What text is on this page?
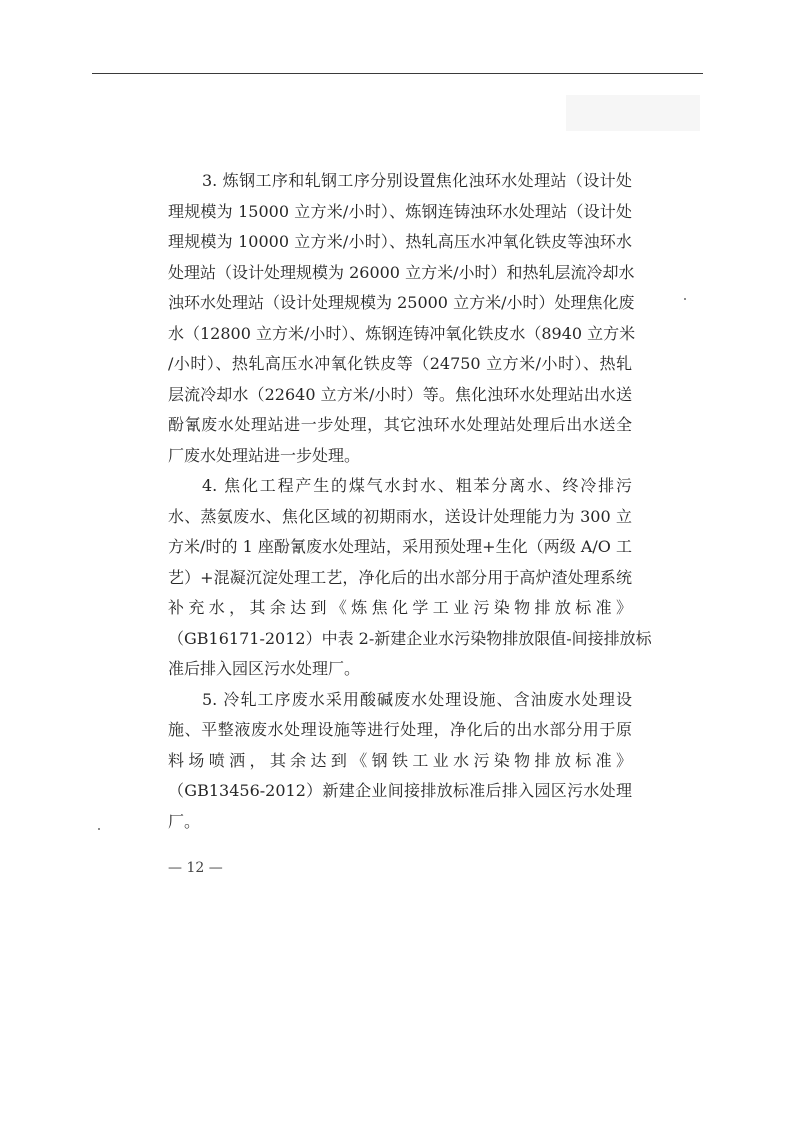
3. 炼钢工序和轧钢工序分别设置焦化浊环水处理站（设计处
理规模为 15000 立方米/小时）、炼钢连铸浊环水处理站（设计处
理规模为 10000 立方米/小时）、热轧高压水冲氧化铁皮等浊环水
处理站（设计处理规模为 26000 立方米/小时）和热轧层流冷却水
浊环水处理站（设计处理规模为 25000 立方米/小时）处理焦化废
水（12800 立方米/小时）、炼钢连铸冲氧化铁皮水（8940 立方米
/小时）、热轧高压水冲氧化铁皮等（24750 立方米/小时）、热轧
层流冷却水（22640 立方米/小时）等。焦化浊环水处理站出水送
酚氰废水处理站进一步处理，其它浊环水处理站处理后出水送全
厂废水处理站进一步处理。

4. 焦化工程产生的煤气水封水、粗苯分离水、终冷排污
水、蒸氨废水、焦化区域的初期雨水，送设计处理能力为 300 立
方米/时的 1 座酚氰废水处理站，采用预处理+生化（两级 A/O 工
艺）+混凝沉淀处理工艺，净化后的出水部分用于高炉渣处理系统
补充水，其余达到《炼焦化学工业污染物排放标准》
（GB16171-2012）中表 2-新建企业水污染物排放限值-间接排放标
准后排入园区污水处理厂。

5. 冷轧工序废水采用酸碱废水处理设施、含油废水处理设
施、平整液废水处理设施等进行处理，净化后的出水部分用于原
料场喷洒，其余达到《钢铁工业水污染物排放标准》
（GB13456-2012）新建企业间接排放标准后排入园区污水处理
厂。

— 12 —
